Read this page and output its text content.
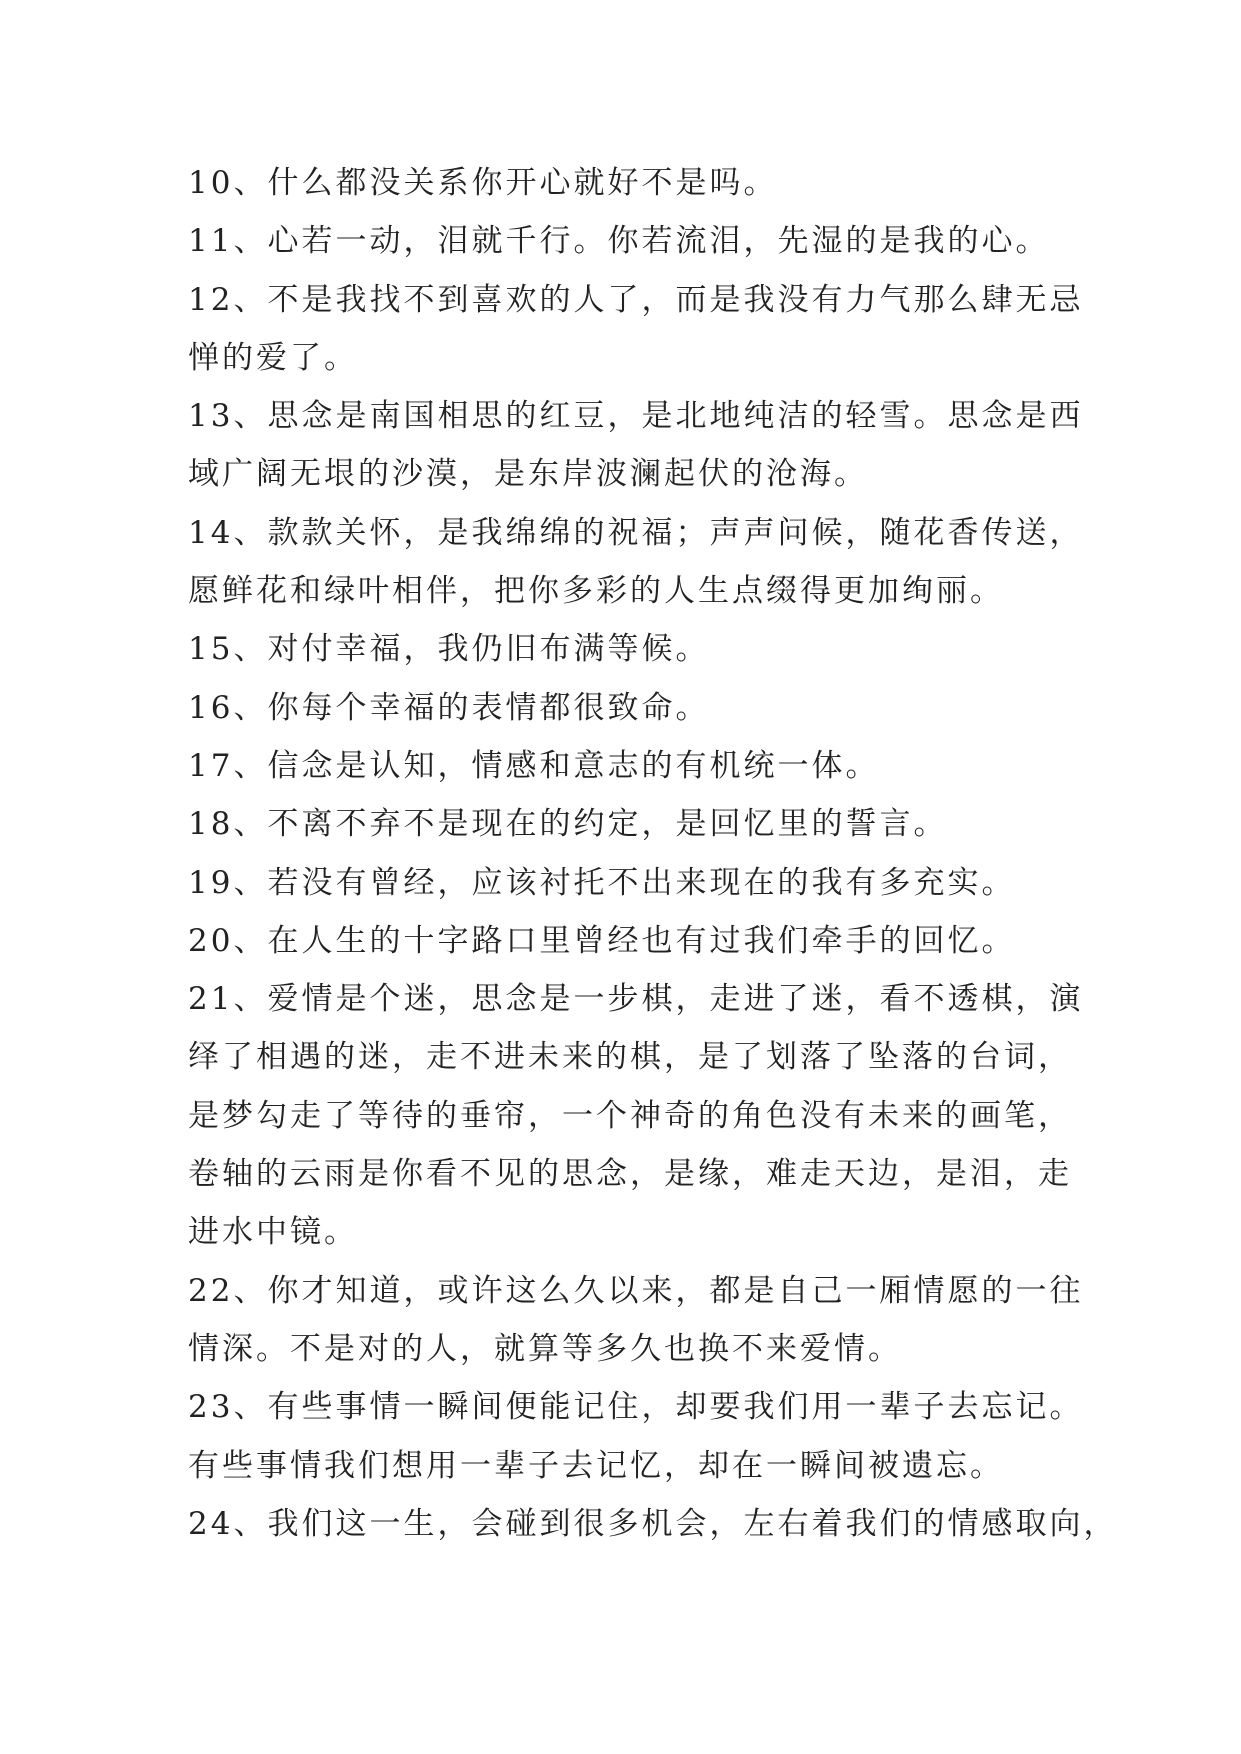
10、什么都没关系你开心就好不是吗。
11、心若一动，泪就千行。你若流泪，先湿的是我的心。
12、不是我找不到喜欢的人了，而是我没有力气那么肆无忌
惮的爱了。
13、思念是南国相思的红豆，是北地纯洁的轻雪。思念是西
域广阔无垠的沙漠，是东岸波澜起伏的沧海。
14、款款关怀，是我绵绵的祝福；声声问候，随花香传送，
愿鲜花和绿叶相伴，把你多彩的人生点缀得更加绚丽。
15、对付幸福，我仍旧布满等候。
16、你每个幸福的表情都很致命。
17、信念是认知，情感和意志的有机统一体。
18、不离不弃不是现在的约定，是回忆里的誓言。
19、若没有曾经，应该衬托不出来现在的我有多充实。
20、在人生的十字路口里曾经也有过我们牵手的回忆。
21、爱情是个迷，思念是一步棋，走进了迷，看不透棋，演
绎了相遇的迷，走不进未来的棋，是了划落了坠落的台词，
是梦勾走了等待的垂帘，一个神奇的角色没有未来的画笔，
卷轴的云雨是你看不见的思念，是缘，难走天边，是泪，走
进水中镜。
22、你才知道，或许这么久以来，都是自己一厢情愿的一往
情深。不是对的人，就算等多久也换不来爱情。
23、有些事情一瞬间便能记住，却要我们用一辈子去忘记。
有些事情我们想用一辈子去记忆，却在一瞬间被遗忘。
24、我们这一生，会碰到很多机会，左右着我们的情感取向，
